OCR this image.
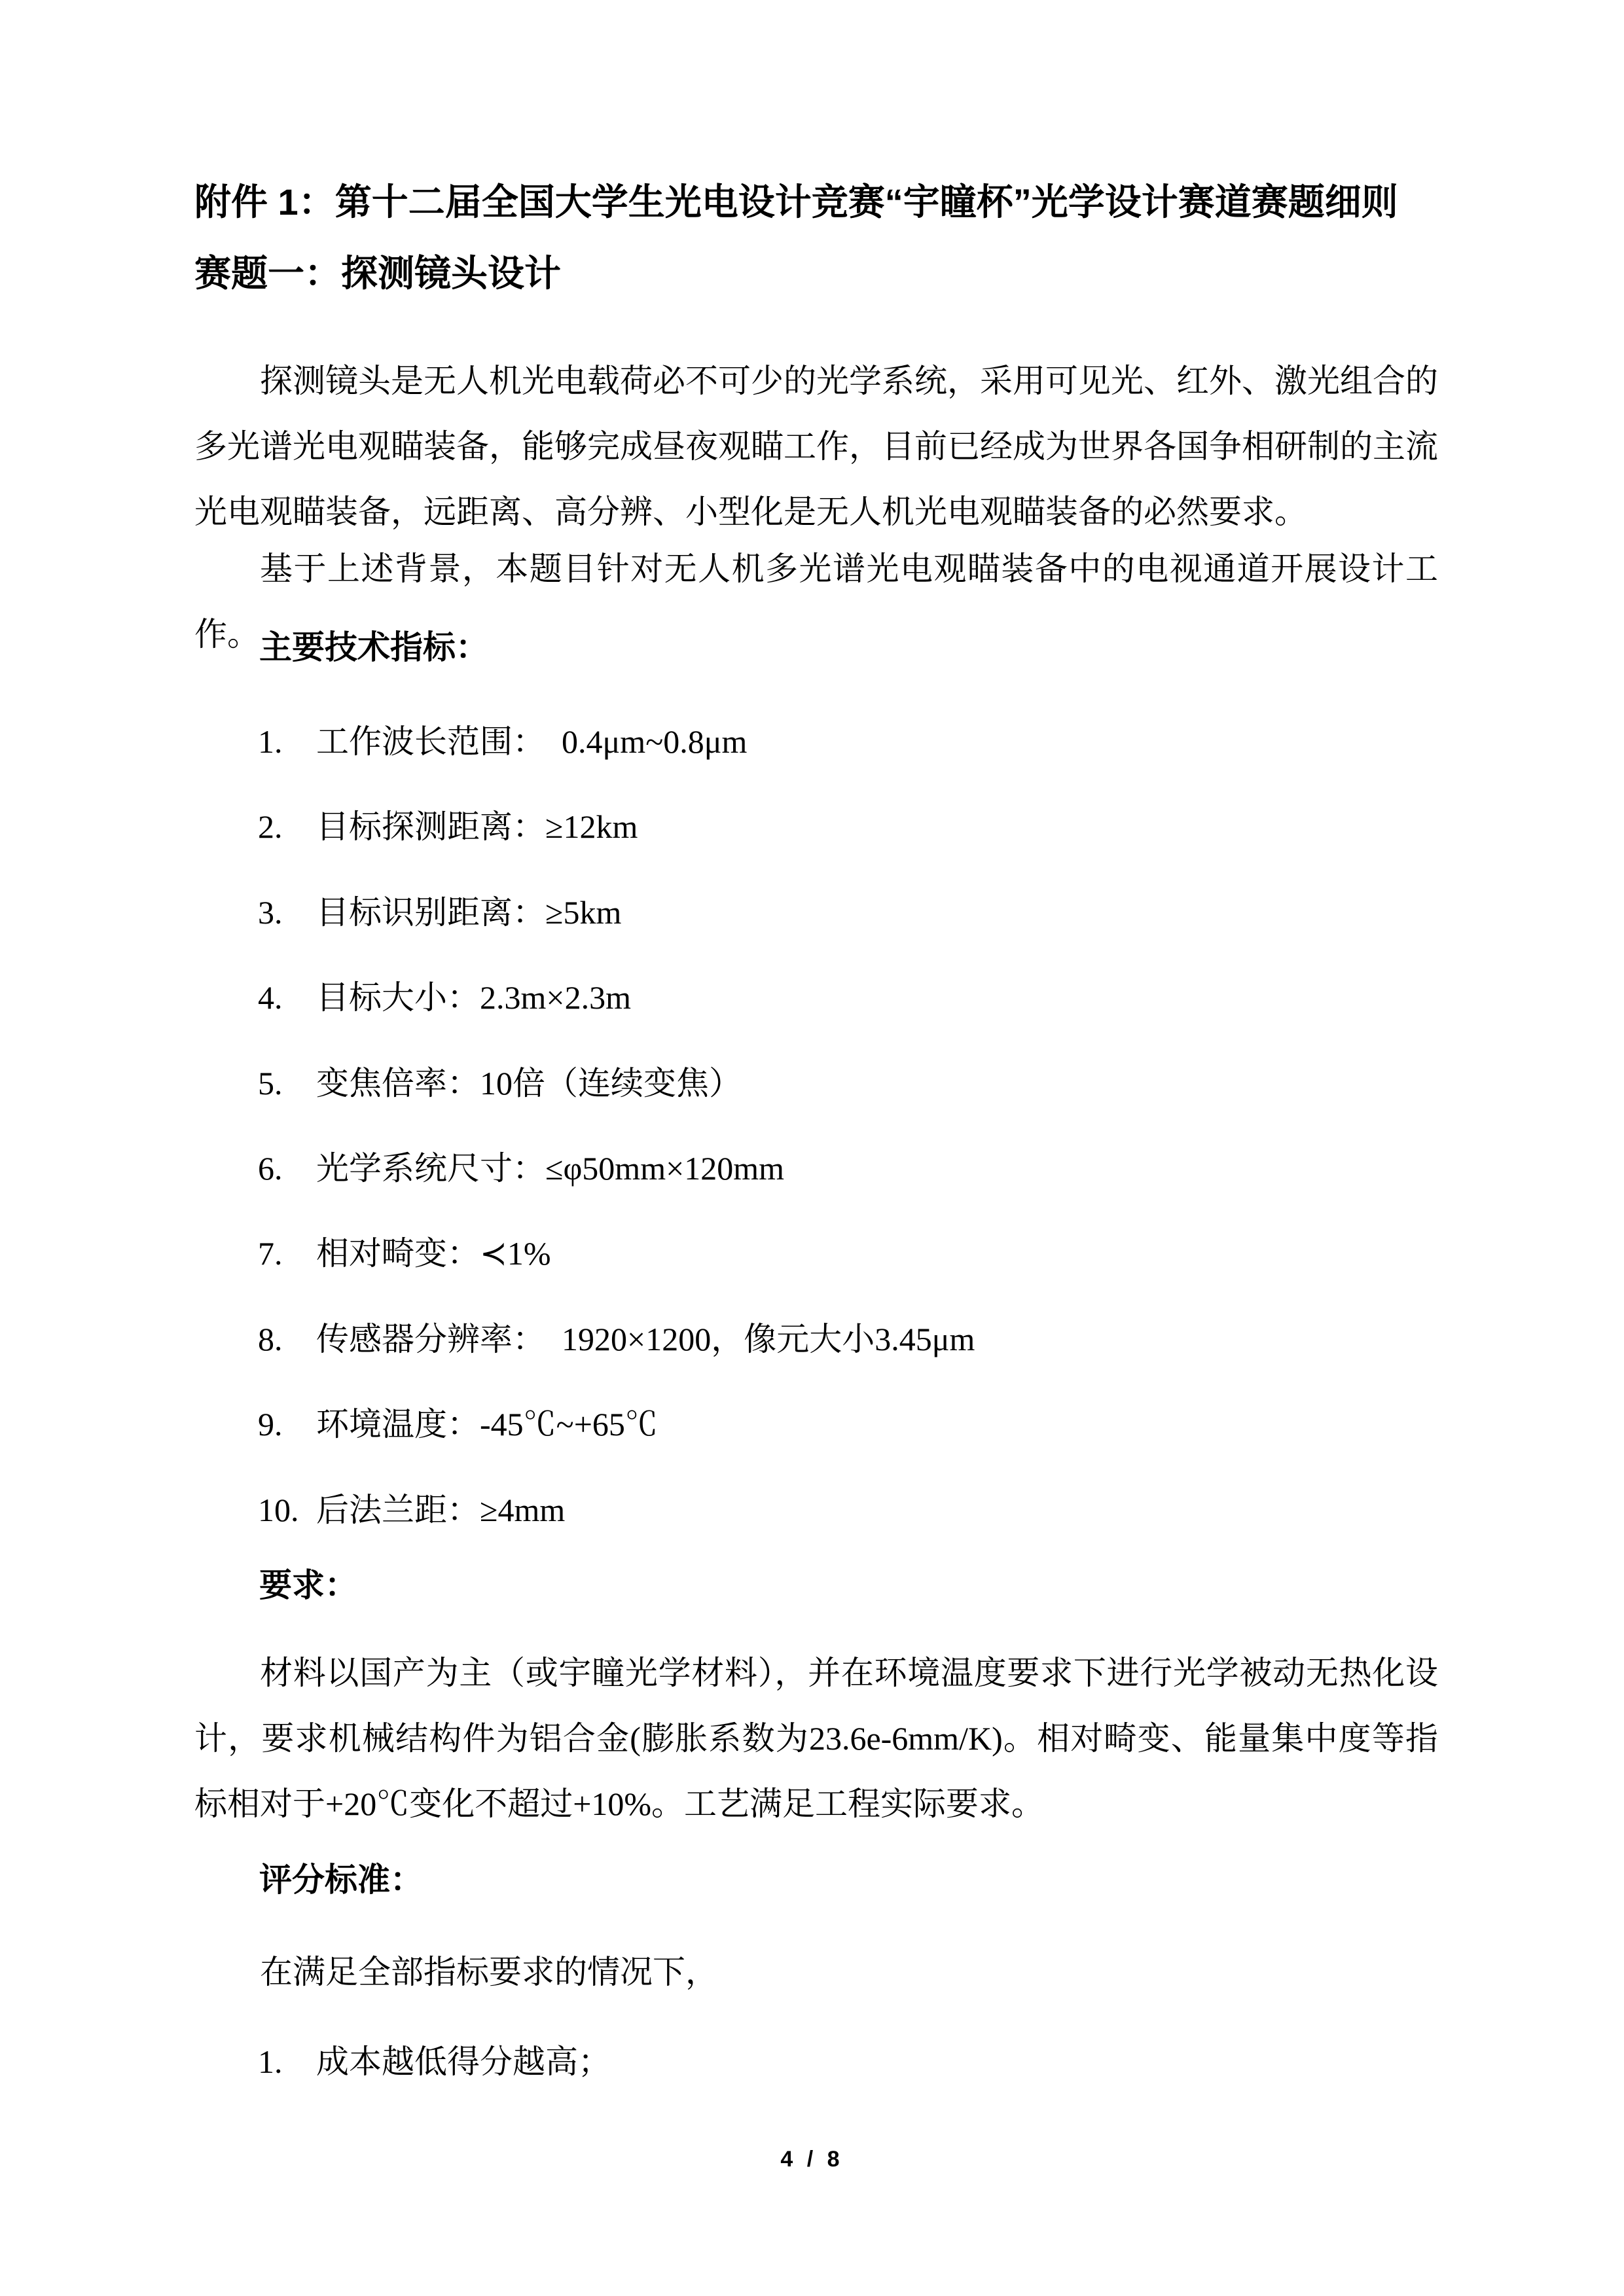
附件 1：第十二届全国大学生光电设计竞赛“宇瞳杯”光学设计赛道赛题细则
赛题一：探测镜头设计
探测镜头是无人机光电载荷必不可少的光学系统，采用可见光、红外、激光组合的多光谱光电观瞄装备，能够完成昼夜观瞄工作，目前已经成为世界各国争相研制的主流光电观瞄装备，远距离、高分辨、小型化是无人机光电观瞄装备的必然要求。
基于上述背景，本题目针对无人机多光谱光电观瞄装备中的电视通道开展设计工作。 主要技术指标：
1. 工作波长范围：　0.4μm~0.8μm
2. 目标探测距离：≥12km
3. 目标识别距离：≥5km
4. 目标大小：2.3m×2.3m
5. 变焦倍率：10倍（连续变焦）
6. 光学系统尺寸：≤φ50mm×120mm
7. 相对畸变：≺1%
8. 传感器分辨率：　1920×1200，像元大小3.45μm
9. 环境温度：-45℃~+65℃
10. 后法兰距：≥4mm
要求：
材料以国产为主（或宇瞳光学材料），并在环境温度要求下进行光学被动无热化设计，要求机械结构件为铝合金(膨胀系数为23.6e-6mm/K)。相对畸变、能量集中度等指标相对于+20℃变化不超过+10%。工艺满足工程实际要求。
评分标准：
在满足全部指标要求的情况下，
1. 成本越低得分越高；
4 / 8
